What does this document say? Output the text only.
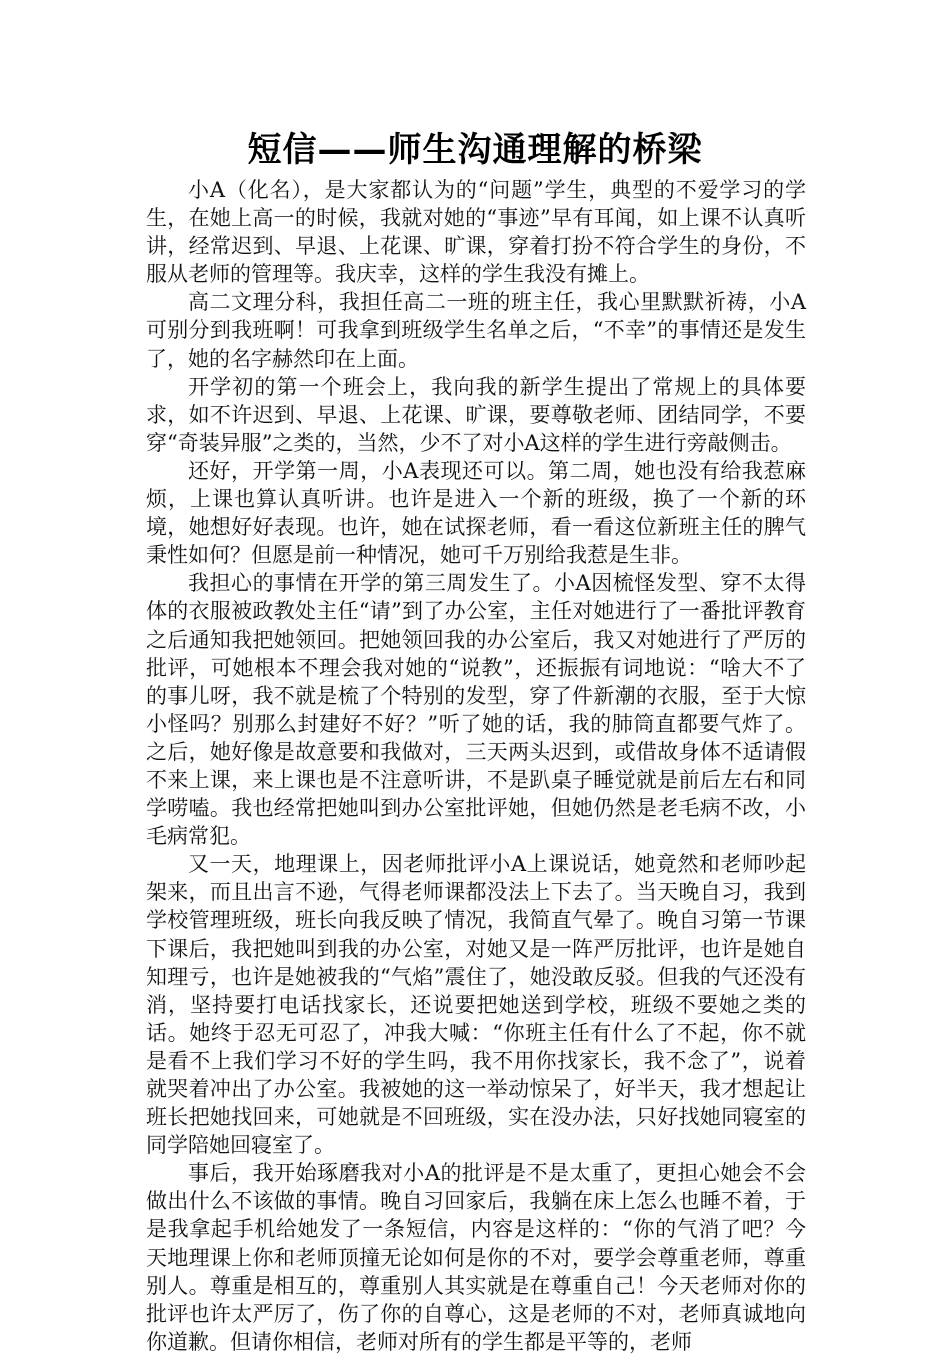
短信——师生沟通理解的桥梁

小A（化名），是大家都认为的“问题”学生，典型的不爱学习的学生，在她上高一的时候，我就对她的“事迹”早有耳闻，如上课不认真听讲，经常迟到、早退、上花课、旷课，穿着打扮不符合学生的身份，不服从老师的管理等。我庆幸，这样的学生我没有摊上。

高二文理分科，我担任高二一班的班主任，我心里默默祈祷，小A可别分到我班啊！可我拿到班级学生名单之后，“不幸”的事情还是发生了，她的名字赫然印在上面。

开学初的第一个班会上，我向我的新学生提出了常规上的具体要求，如不许迟到、早退、上花课、旷课，要尊敬老师、团结同学，不要穿“奇装异服”之类的，当然，少不了对小A这样的学生进行旁敲侧击。

还好，开学第一周，小A表现还可以。第二周，她也没有给我惹麻烦，上课也算认真听讲。也许是进入一个新的班级，换了一个新的环境，她想好好表现。也许，她在试探老师，看一看这位新班主任的脾气秉性如何？但愿是前一种情况，她可千万别给我惹是生非。

我担心的事情在开学的第三周发生了。小A因梳怪发型、穿不太得体的衣服被政教处主任“请”到了办公室，主任对她进行了一番批评教育之后通知我把她领回。把她领回我的办公室后，我又对她进行了严厉的批评，可她根本不理会我对她的“说教”，还振振有词地说：“啥大不了的事儿呀，我不就是梳了个特别的发型，穿了件新潮的衣服，至于大惊小怪吗？别那么封建好不好？”听了她的话，我的肺筒直都要气炸了。之后，她好像是故意要和我做对，三天两头迟到，或借故身体不适请假不来上课，来上课也是不注意听讲，不是趴桌子睡觉就是前后左右和同学唠嗑。我也经常把她叫到办公室批评她，但她仍然是老毛病不改，小毛病常犯。

又一天，地理课上，因老师批评小A上课说话，她竟然和老师吵起架来，而且出言不逊，气得老师课都没法上下去了。当天晚自习，我到学校管理班级，班长向我反映了情况，我简直气晕了。晚自习第一节课下课后，我把她叫到我的办公室，对她又是一阵严厉批评，也许是她自知理亏，也许是她被我的“气焰”震住了，她没敢反驳。但我的气还没有消，坚持要打电话找家长，还说要把她送到学校，班级不要她之类的话。她终于忍无可忍了，冲我大喊：“你班主任有什么了不起，你不就是看不上我们学习不好的学生吗，我不用你找家长，我不念了”，说着就哭着冲出了办公室。我被她的这一举动惊呆了，好半天，我才想起让班长把她找回来，可她就是不回班级，实在没办法，只好找她同寝室的同学陪她回寝室了。

事后，我开始琢磨我对小A的批评是不是太重了，更担心她会不会做出什么不该做的事情。晚自习回家后，我躺在床上怎么也睡不着，于是我拿起手机给她发了一条短信，内容是这样的：“你的气消了吧？今天地理课上你和老师顶撞无论如何是你的不对，要学会尊重老师，尊重别人。尊重是相互的，尊重别人其实就是在尊重自己！今天老师对你的批评也许太严厉了，伤了你的自尊心，这是老师的不对，老师真诚地向你道歉。但请你相信，老师对所有的学生都是平等的，老师
